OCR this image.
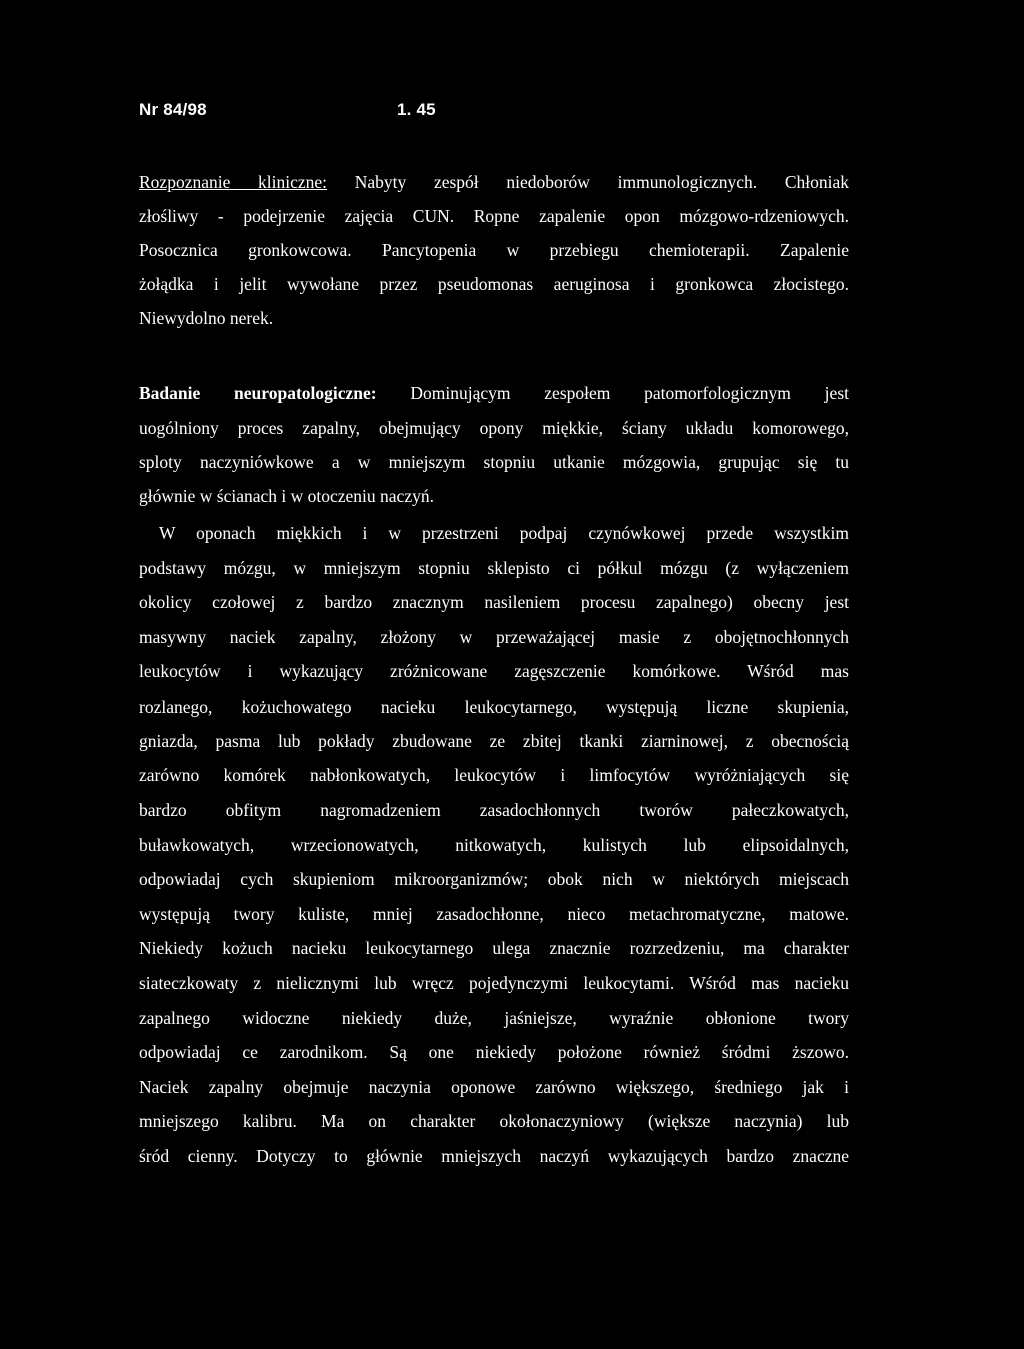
Nr 84/98	1. 45
Rozpoznanie kliniczne: Nabyty zespół niedoborów immunologicznych. Chłoniak
złośliwy - podejrzenie zajęcia CUN. Ropne zapalenie opon mózgowo-rdzeniowych.
Posocznica gronkowcowa. Pancytopenia w przebiegu chemioterapii. Zapalenie
żołądka i jelit wywołane przez pseudomonas aeruginosa i gronkowca złocistego.
Niewydolno nerek.
Badanie neuropatologiczne: Dominującym zespołem patomorfologicznym jest
uogólniony proces zapalny, obejmujący opony miękkie, ściany układu komorowego,
sploty naczyniówkowe a w mniejszym stopniu utkanie mózgowia, grupując się tu
głównie w ścianach i w otoczeniu naczyń.
W oponach miękkich i w przestrzeni podpaj czynówkowej przede wszystkim
podstawy mózgu, w mniejszym stopniu sklepisto ci półkul mózgu (z wyłączeniem
okolicy czołowej z bardzo znacznym nasileniem procesu zapalnego) obecny jest
masywny naciek zapalny, złożony w przeważającej masie z obojętnochłonnych
leukocytów i wykazujący zróżnicowane zagęszczenie komórkowe. Wśród mas
rozlanego, kożuchowatego nacieku leukocytarnego, występują liczne skupienia,
gniazda, pasma lub pokłady zbudowane ze zbitej tkanki ziarninowej, z obecnością
zarówno komórek nabłonkowatych, leukocytów i limfocytów wyróżniających się
bardzo obfitym nagromadzeniem zasadochłonnych tworów pałeczkowatych,
buławkowatych, wrzecionowatych, nitkowatych, kulistych lub elipsoidalnych,
odpowiadaj cych skupieniom mikroorganizmów; obok nich w niektórych miejscach
występują twory kuliste, mniej zasadochłonne, nieco metachromatyczne, matowe.
Niekiedy kożuch nacieku leukocytarnego ulega znacznie rozrzedzeniu, ma charakter
siateczkowaty z nielicznymi lub wręcz pojedynczymi leukocytami. Wśród mas nacieku
zapalnego widoczne niekiedy duże, jaśniejsze, wyraźnie obłonione twory
odpowiadaj ce zarodnikom. Są one niekiedy położone również śródmi ższowo.
Naciek zapalny obejmuje naczynia oponowe zarówno większego, średniego jak i
mniejszego kalibru. Ma on charakter okołonaczyniowy (większe naczynia) lub
śród cienny. Dotyczy to głównie mniejszych naczyń wykazujących bardzo znaczne
